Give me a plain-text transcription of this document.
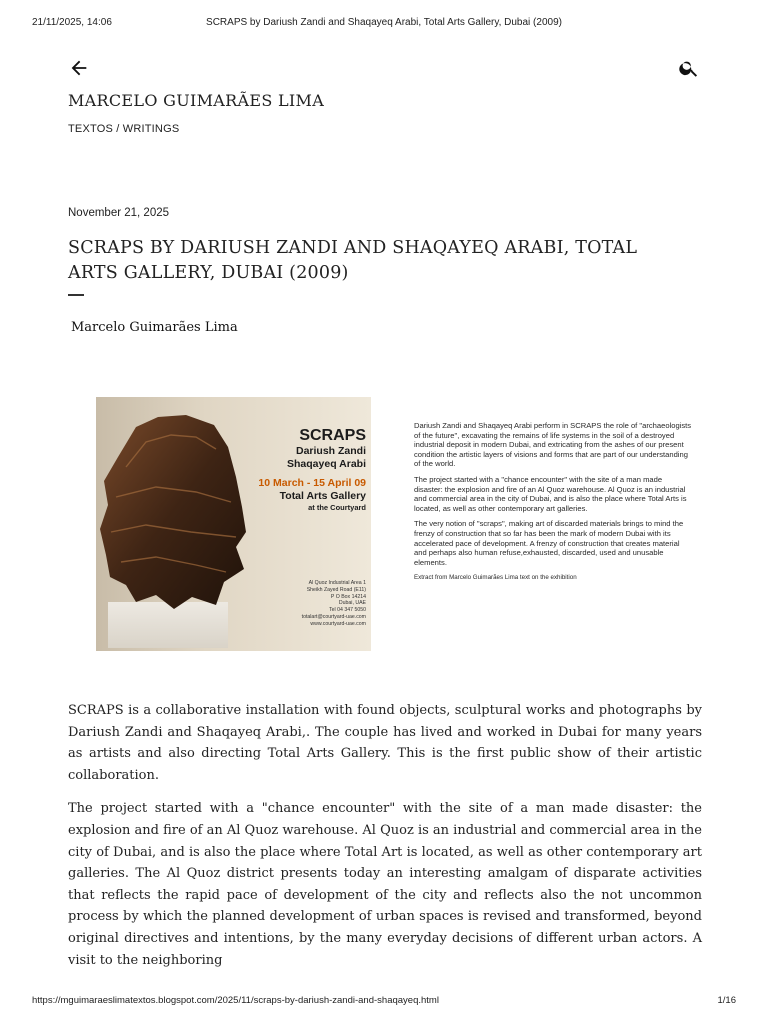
21/11/2025, 14:06	SCRAPS by Dariush Zandi and Shaqayeq Arabi, Total Arts Gallery, Dubai (2009)
MARCELO GUIMARÃES LIMA
TEXTOS / WRITINGS
November 21, 2025
SCRAPS BY DARIUSH ZANDI AND SHAQAYEQ ARABI, TOTAL ARTS GALLERY, DUBAI (2009)
Marcelo Guimarães Lima
SCRAPS
Dariush Zandi
Shaqayeq Arabi
10 March - 15 April 09
Total Arts Gallery
at the Courtyard
Al Quoz Industrial Area 1
Sheikh Zayed Road (E11)
P O Box 14214
Dubai, UAE
Tel 04 347 5050
totalart@courtyard-uae.com
www.courtyard-uae.com

Dariush Zandi and Shaqayeq Arabi perform in SCRAPS the role of "archaeologists of the future", excavating the remains of life systems in the soil of a destroyed industrial deposit in modern Dubai, and extricating from the ashes of our present condition the artistic layers of visions and forms that are part of our understanding of the world.

The project started with a "chance encounter" with the site of a man made disaster: the explosion and fire of an Al Quoz warehouse. Al Quoz is an industrial and commercial area in the city of Dubai, and is also the place where Total Arts is located, as well as other contemporary art galleries.

The very notion of "scraps", making art of discarded materials brings to mind the frenzy of construction that so far has been the mark of modern Dubai with its accelerated pace of development. A frenzy of construction that creates material and perhaps also human refuse,exhausted, discarded, used and unusable elements.

Extract from Marcelo Guimarães Lima text on the exhibition

SCRAPS is a collaborative installation with found objects, sculptural works and photographs by Dariush Zandi and Shaqayeq Arabi,. The couple has lived and worked in Dubai for many years as artists and also directing Total Arts Gallery. This is the first public show of their artistic collaboration.

The project started with a "chance encounter" with the site of a man made disaster: the explosion and fire of an Al Quoz warehouse. Al Quoz is an industrial and commercial area in the city of Dubai, and is also the place where Total Art is located, as well as other contemporary art galleries. The Al Quoz district presents today an interesting amalgam of disparate activities that reflects the rapid pace of development of the city and reflects also the not uncommon process by which the planned development of urban spaces is revised and transformed, beyond original directives and intentions, by the many everyday decisions of different urban actors. A visit to the neighboring

https://mguimaraeslimatextos.blogspot.com/2025/11/scraps-by-dariush-zandi-and-shaqayeq.html	1/16
